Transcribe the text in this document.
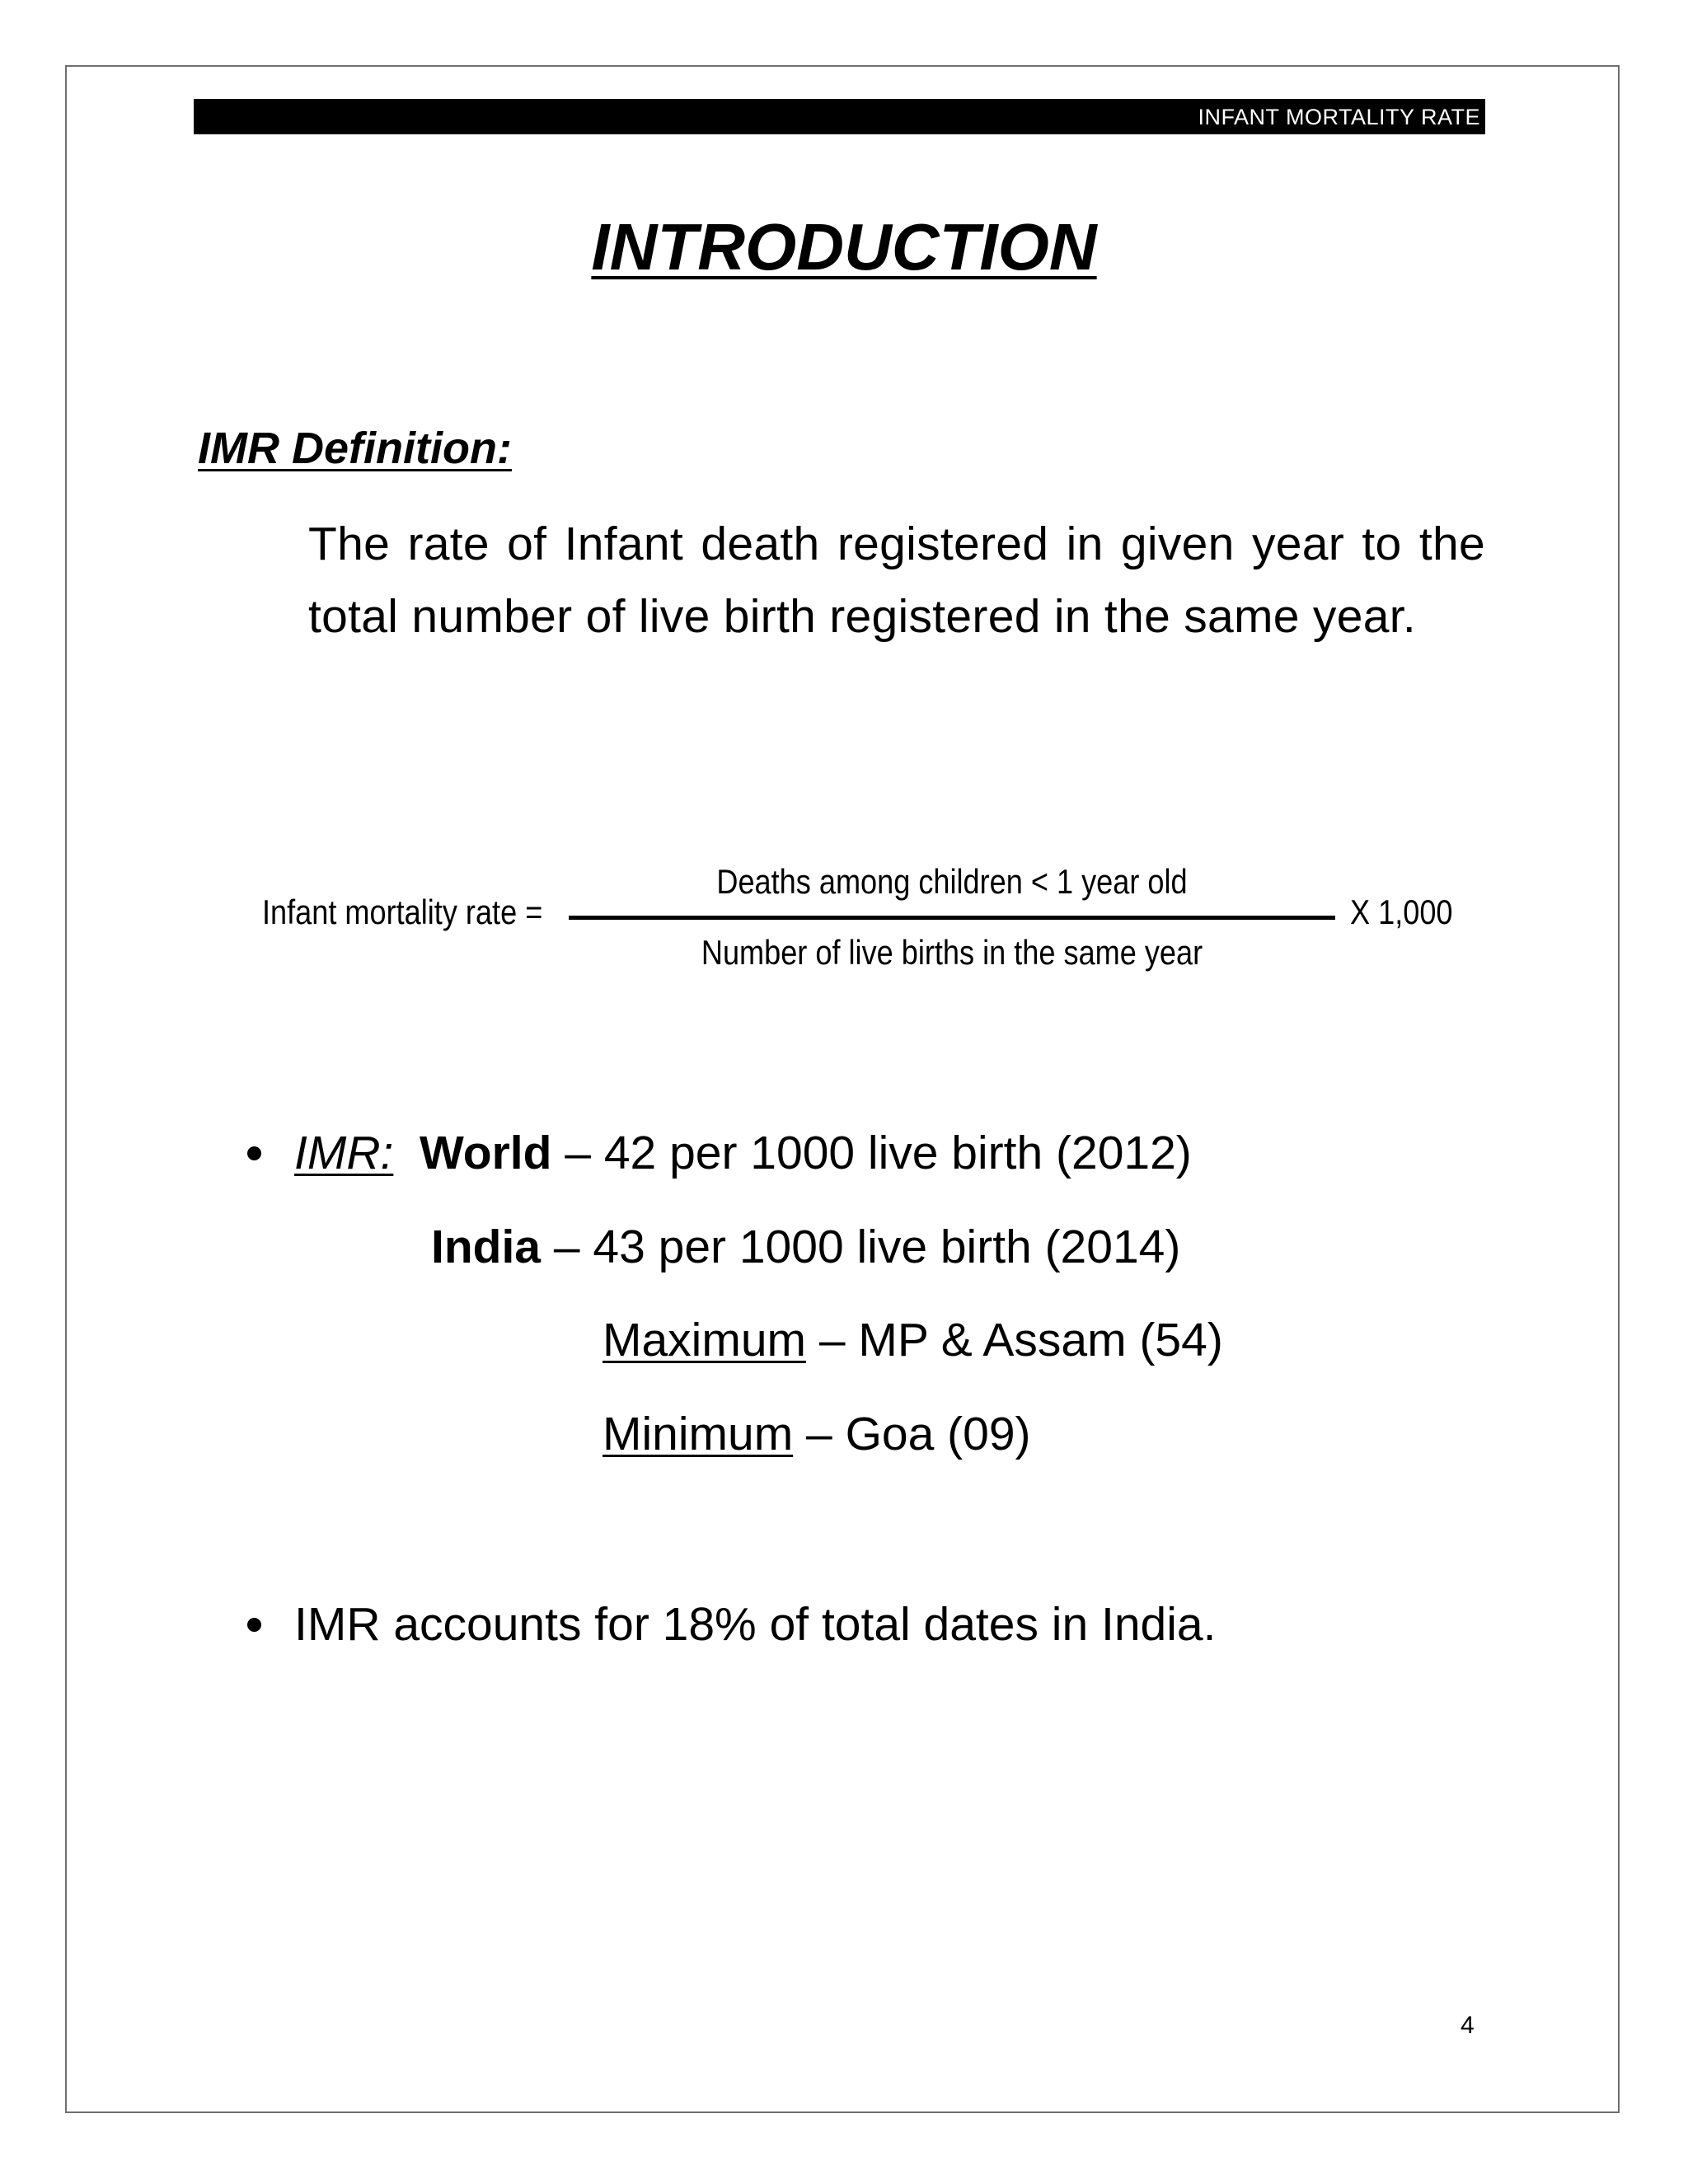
INFANT MORTALITY RATE
INTRODUCTION
IMR Definition:
The rate of Infant death registered in given year to the total number of live birth registered in the same year.
Infant mortality rate =
Deaths among children < 1 year old
Number of live births in the same year
X 1,000
IMR: World – 42 per 1000 live birth (2012)
India – 43 per 1000 live birth (2014)
Maximum – MP & Assam (54)
Minimum – Goa (09)
IMR accounts for 18% of total dates in India.
4
